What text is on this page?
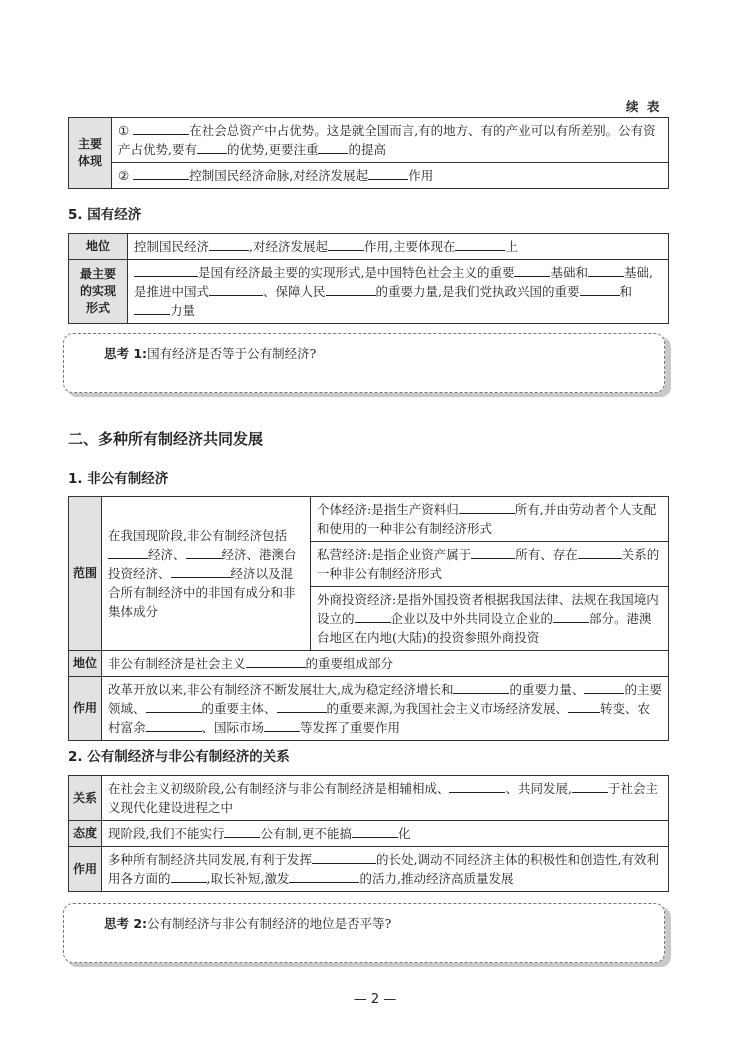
续 表
主要体现	①	在社会总资产中占优势。这是就全国而言,有的地方、有的产业可以有所差别。公有资产占优势,要有 的优势,更要注重 的提高
②	控制国民经济命脉,对经济发展起	作用
5. 国有经济
地位	控制国民经济 ,对经济发展起 作用,主要体现在 上
最主要的实现形式	是国有经济最主要的实现形式,是中国特色社会主义的重要 基础和 基础,是推进中国式 、保障人民 的重要力量,是我们党执政兴国的重要 和力量
思考 1:国有经济是否等于公有制经济?
二、多种所有制经济共同发展
1. 非公有制经济
范围	在我国现阶段,非公有制经济包括经济、 经济、港澳台投资经济、 经济以及混合所有制经济中的非国有成分和非集体成分	个体经济:是指生产资料归 所有,并由劳动者个人支配和使用的一种非公有制经济形式
		私营经济:是指企业资产属于 所有、存在 关系的一种非公有制经济形式
		外商投资经济:是指外国投资者根据我国法律、法规在我国境内设立的 企业以及中外共同设立企业的 部分。港澳台地区在内地(大陆)的投资参照外商投资
地位	非公有制经济是社会主义 的重要组成部分	
作用	改革开放以来,非公有制经济不断发展壮大,成为稳定经济增长和 的重要力量、 的主要领域、 的重要主体、 的重要来源,为我国社会主义市场经济发展、 转变、农村富余 、国际市场 等发挥了重要作用	
2. 公有制经济与非公有制经济的关系
关系	在社会主义初级阶段,公有制经济与非公有制经济是相辅相成、 、共同发展, 于社会主义现代化建设进程之中
态度	现阶段,我们不能实行 公有制,更不能搞 化
作用	多种所有制经济共同发展,有利于发挥 的长处,调动不同经济主体的积极性和创造性,有效利用各方面的 ,取长补短,激发 的活力,推动经济高质量发展
思考 2:公有制经济与非公有制经济的地位是否平等?
— 2 —
